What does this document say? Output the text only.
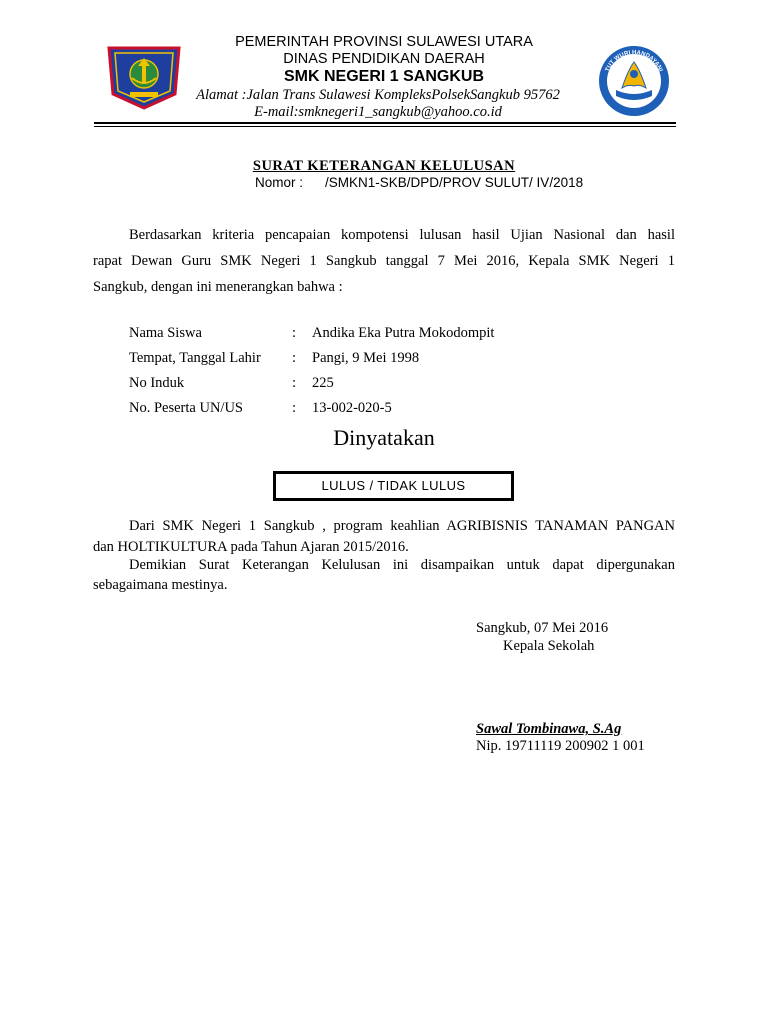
TUT WURI HANDAYANI
PEMERINTAH PROVINSI SULAWESI UTARA
DINAS PENDIDIKAN DAERAH
SMK NEGERI 1 SANGKUB
Alamat :Jalan Trans Sulawesi KompleksPolsekSangkub 95762
E-mail:smknegeri1_sangkub@yahoo.co.id
SURAT KETERANGAN KELULUSAN
Nomor : /SMKN1-SKB/DPD/PROV SULUT/ IV/2018
Berdasarkan kriteria pencapaian kompotensi lulusan hasil Ujian Nasional dan hasil
rapat Dewan Guru SMK Negeri 1 Sangkub tanggal 7 Mei 2016, Kepala SMK Negeri 1
Sangkub, dengan ini menerangkan bahwa :
Nama Siswa	: Andika Eka Putra Mokodompit
Tempat, Tanggal Lahir : Pangi, 9 Mei 1998
No Induk	: 225
No. Peserta UN/US	: 13-002-020-5
Dinyatakan
LULUS / TIDAK LULUS
Dari SMK Negeri 1 Sangkub , program keahlian AGRIBISNIS TANAMAN PANGAN
dan HOLTIKULTURA pada Tahun Ajaran 2015/2016.
Demikian Surat Keterangan Kelulusan ini disampaikan untuk dapat dipergunakan
sebagaimana mestinya.
Sangkub, 07 Mei 2016
Kepala Sekolah
Sawal Tombinawa, S.Ag
Nip. 19711119 200902 1 001
